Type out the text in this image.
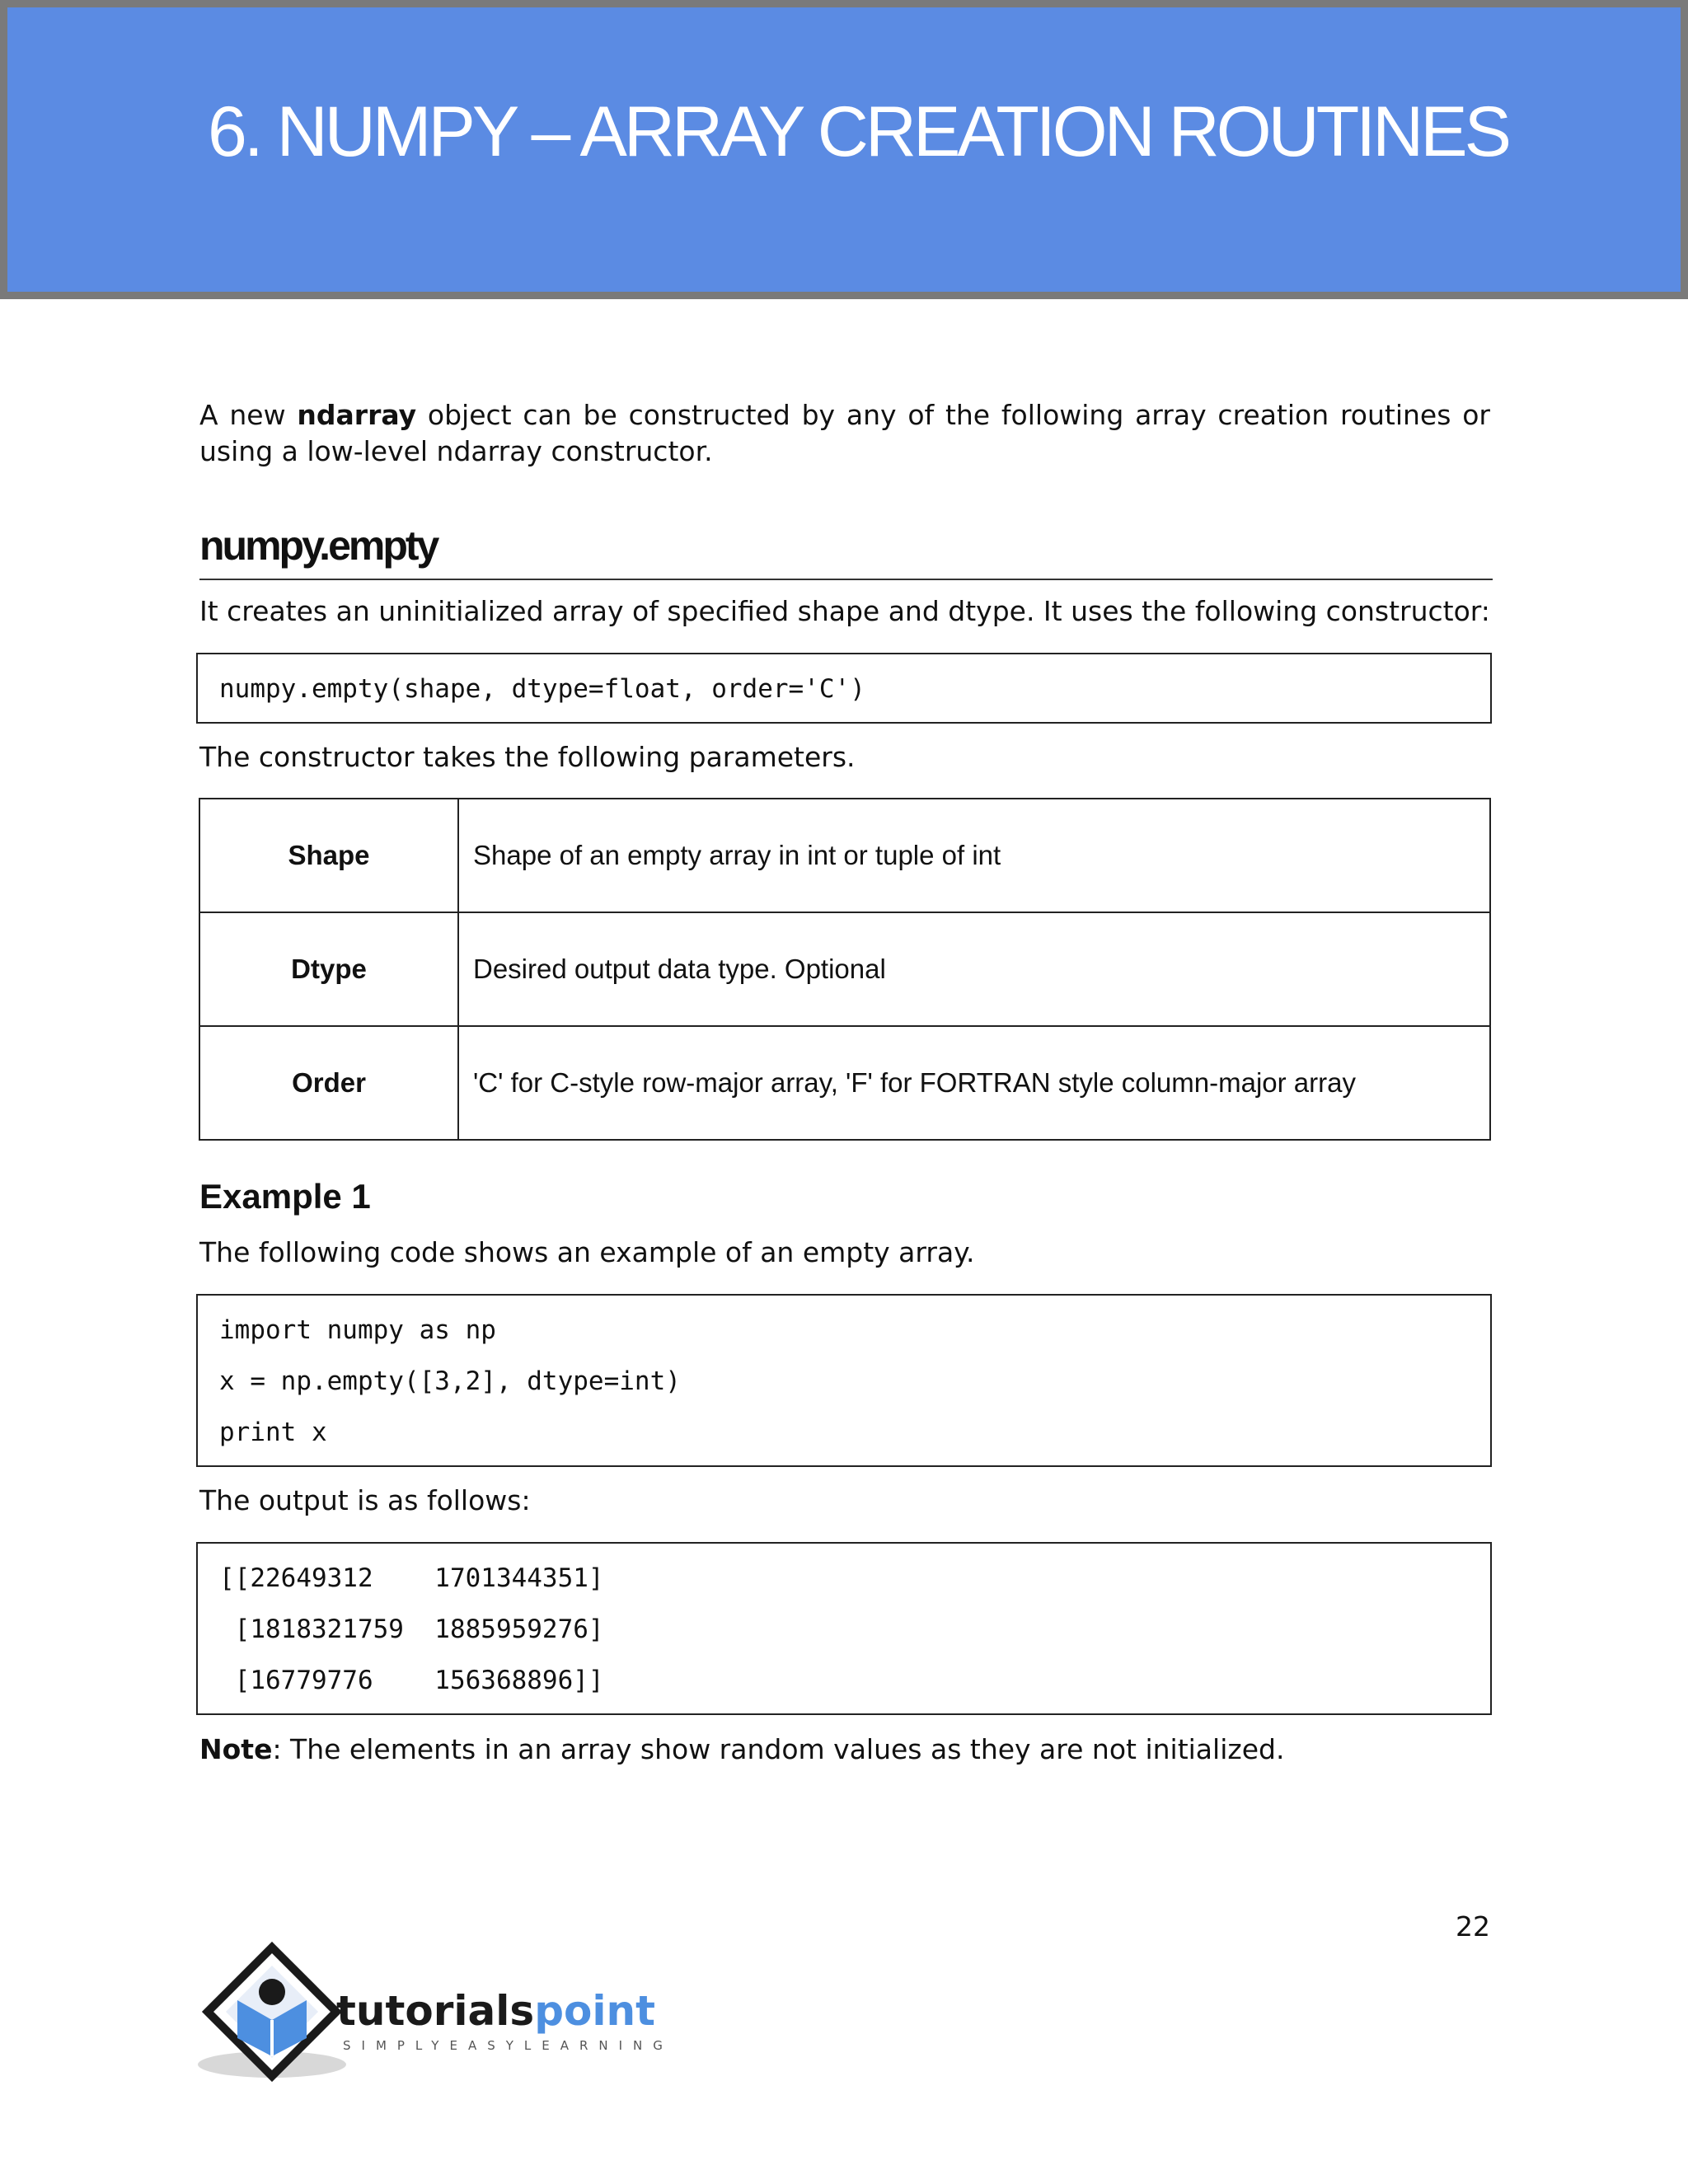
6. NUMPY – ARRAY CREATION ROUTINES
A new ndarray object can be constructed by any of the following array creation routines or using a low-level ndarray constructor.
numpy.empty
It creates an uninitialized array of specified shape and dtype. It uses the following constructor:
numpy.empty(shape, dtype=float, order='C')
The constructor takes the following parameters.
Shape	Shape of an empty array in int or tuple of int
Dtype	Desired output data type. Optional
Order	'C' for C-style row-major array, 'F' for FORTRAN style column-major array
Example 1
The following code shows an example of an empty array.
import numpy as np
x = np.empty([3,2], dtype=int)
print x
The output is as follows:
[[22649312    1701344351]
[1818321759  1885959276]
[16779776    156368896]]
Note: The elements in an array show random values as they are not initialized.
22
tutorialspoint
SIMPLYEASYLEARNING
